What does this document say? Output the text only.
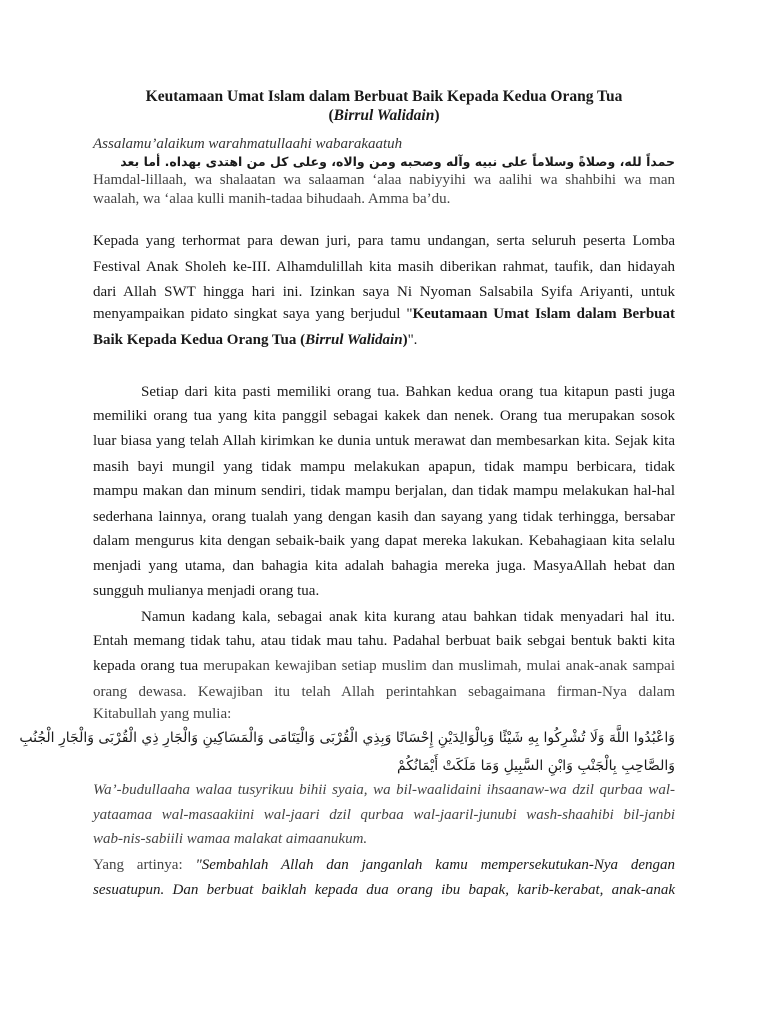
Keutamaan Umat Islam dalam Berbuat Baik Kepada Kedua Orang Tua
(Birrul Walidain)
Assalamu’alaikum warahmatullaahi wabarakaatuh
حمداً لله، وصلاةً وسلاماً على نبيه وآله وصحبه ومن والاه، وعلى كل من اهتدى بهداه. أما بعد
Hamdal-lillaah, wa shalaatan wa salaaman ‘alaa nabiyyihi wa aalihi wa shahbihi wa man
waalah, wa ‘alaa kulli manih-tadaa bihudaah. Amma ba’du.
Kepada yang terhormat para dewan juri, para tamu undangan, serta seluruh peserta Lomba
Festival Anak Sholeh ke-III. Alhamdulillah kita masih diberikan rahmat, taufik, dan hidayah
dari Allah SWT hingga hari ini. Izinkan saya Ni Nyoman Salsabila Syifa Ariyanti, untuk
menyampaikan pidato singkat saya yang berjudul "Keutamaan Umat Islam dalam Berbuat
Baik Kepada Kedua Orang Tua (Birrul Walidain)".
Setiap dari kita pasti memiliki orang tua. Bahkan kedua orang tua kitapun pasti juga
memiliki orang tua yang kita panggil sebagai kakek dan nenek. Orang tua merupakan sosok
luar biasa yang telah Allah kirimkan ke dunia untuk merawat dan membesarkan kita. Sejak kita
masih bayi mungil yang tidak mampu melakukan apapun, tidak mampu berbicara, tidak
mampu makan dan minum sendiri, tidak mampu berjalan, dan tidak mampu melakukan hal-hal
sederhana lainnya, orang tualah yang dengan kasih dan sayang yang tidak terhingga, bersabar
dalam mengurus kita dengan sebaik-baik yang dapat mereka lakukan. Kebahagiaan kita selalu
menjadi yang utama, dan bahagia kita adalah bahagia mereka juga. MasyaAllah hebat dan
sungguh mulianya menjadi orang tua.
Namun kadang kala, sebagai anak kita kurang atau bahkan tidak menyadari hal itu.
Entah memang tidak tahu, atau tidak mau tahu. Padahal berbuat baik sebgai bentuk bakti kita
kepada orang tua merupakan kewajiban setiap muslim dan muslimah, mulai anak-anak sampai
orang dewasa. Kewajiban itu telah Allah perintahkan sebagaimana firman-Nya dalam
Kitabullah yang mulia:
وَاعْبُدُوا اللَّهَ وَلَا تُشْرِكُوا بِهِ شَيْئًا وَبِالْوَالِدَيْنِ إِحْسَانًا وَبِذِي الْقُرْبَى وَالْيَتَامَى وَالْمَسَاكِينِ وَالْجَارِ ذِي الْقُرْبَى وَالْجَارِ الْجُنُبِ
وَالصَّاحِبِ بِالْجَنْبِ وَابْنِ السَّبِيلِ وَمَا مَلَكَتْ أَيْمَانُكُمْ
Wa’-budullaaha walaa tusyrikuu bihii syaia, wa bil-waalidaini ihsaanaw-wa dzil qurbaa wal-
yataamaa wal-masaakiini wal-jaari dzil qurbaa wal-jaaril-junubi wash-shaahibi bil-janbi
wab-nis-sabiili wamaa malakat aimaanukum.
Yang artinya: "Sembahlah Allah dan janganlah kamu mempersekutukan-Nya dengan
sesuatupun. Dan berbuat baiklah kepada dua orang ibu bapak, karib-kerabat, anak-anak
